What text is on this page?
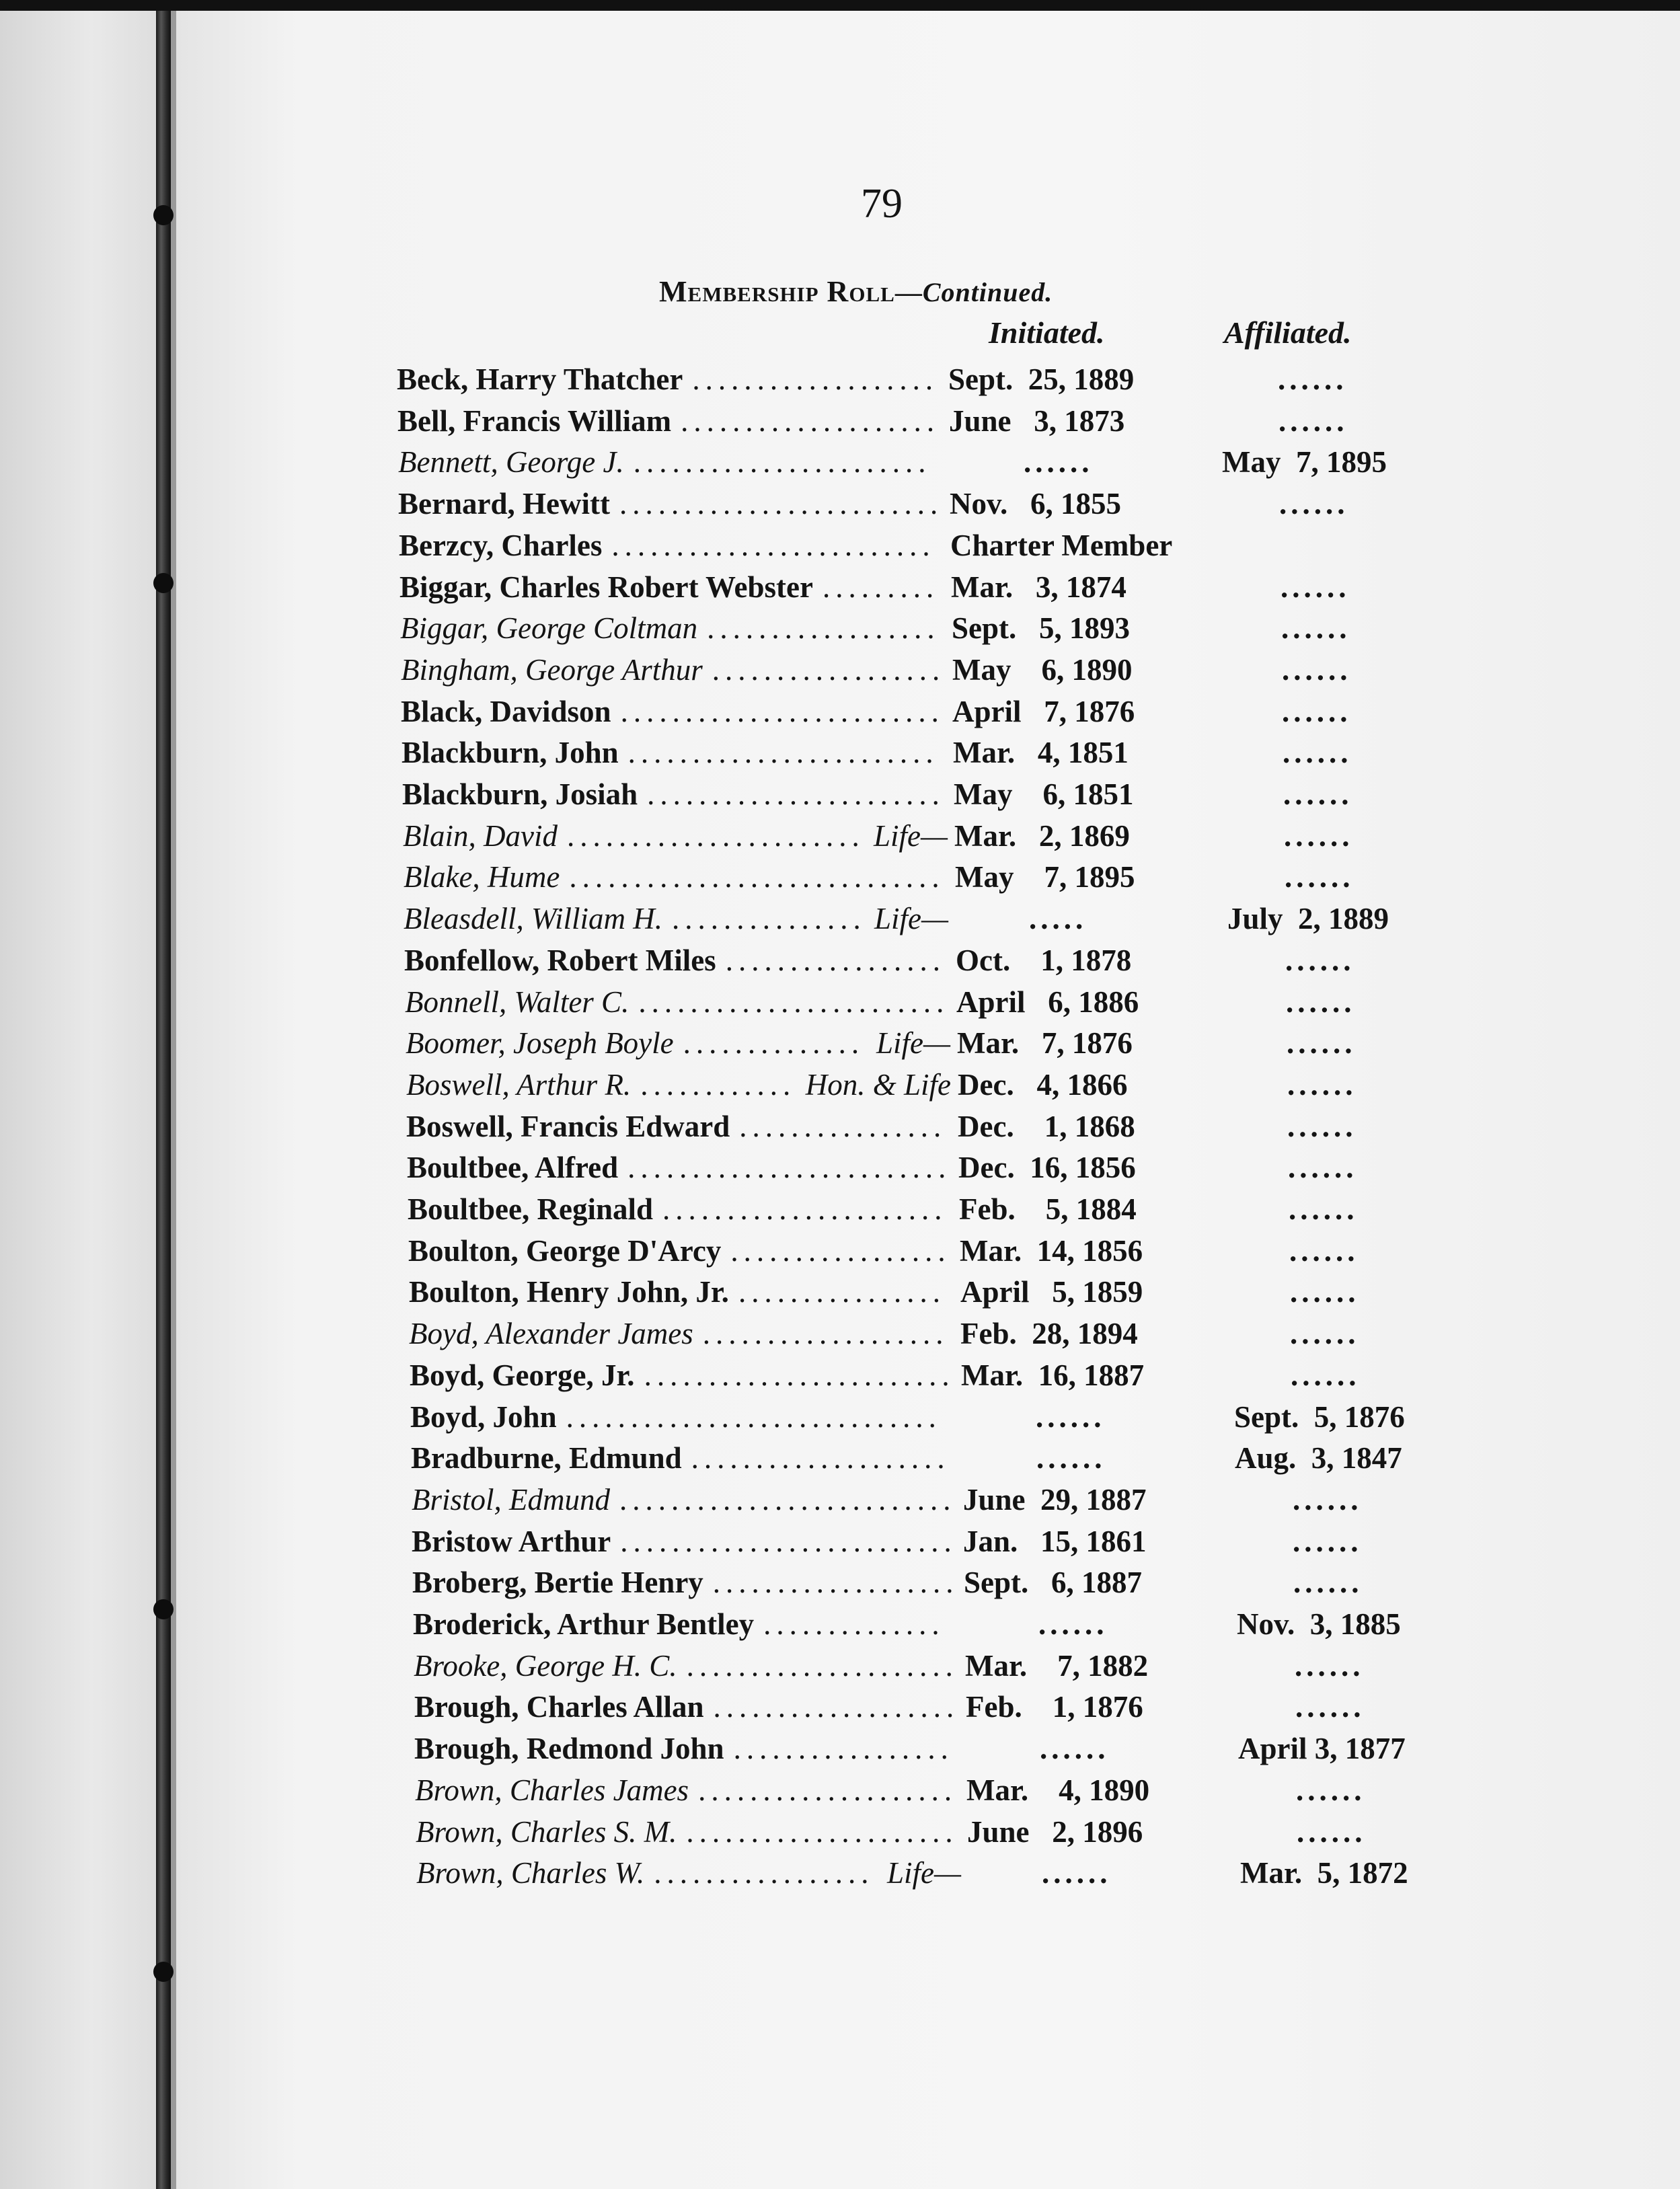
79
Membership Roll—Continued.
Initiated.	Affiliated.
Beck, Harry Thatcher ................... Sept.  25, 1889	......
Bell, Francis William .................... June   3, 1873	......
Bennett, George J. .......................	......	May  7, 1895
Bernard, Hewitt ......................... Nov.   6, 1855	......
Berzcy, Charles ......................... Charter Member
Biggar, Charles Robert Webster ......... Mar.   3, 1874	......
Biggar, George Coltman .................. Sept.   5, 1893	......
Bingham, George Arthur .................. May    6, 1890	......
Black, Davidson ......................... April   7, 1876	......
Blackburn, John ........................ Mar.   4, 1851	......
Blackburn, Josiah ....................... May    6, 1851	......
Blain, David ....................... Life— Mar.   2, 1869	......
Blake, Hume ............................. May    7, 1895	......
Bleasdell, William H. ............... Life—	.....	July  2, 1889
Bonfellow, Robert Miles ................. Oct.    1, 1878	......
Bonnell, Walter C. ........................ April   6, 1886	......
Boomer, Joseph Boyle .............. Life— Mar.   7, 1876	......
Boswell, Arthur R. ............ Hon. & Life Dec.   4, 1866	......
Boswell, Francis Edward ................ Dec.    1, 1868	......
Boultbee, Alfred ......................... Dec.  16, 1856	......
Boultbee, Reginald ...................... Feb.    5, 1884	......
Boulton, George D'Arcy ................. Mar.  14, 1856	......
Boulton, Henry John, Jr. ................ April   5, 1859	......
Boyd, Alexander James ................... Feb.  28, 1894	......
Boyd, George, Jr. ........................ Mar.  16, 1887	......
Boyd, John .............................	......	Sept.  5, 1876
Bradburne, Edmund ....................	......	Aug.  3, 1847
Bristol, Edmund .......................... June  29, 1887	......
Bristow Arthur .......................... Jan.   15, 1861	......
Broberg, Bertie Henry ................... Sept.   6, 1887	......
Broderick, Arthur Bentley ..............	......	Nov.  3, 1885
Brooke, George H. C. ..................... Mar.    7, 1882	......
Brough, Charles Allan ................... Feb.    1, 1876	......
Brough, Redmond John .................	......	April 3, 1877
Brown, Charles James .................... Mar.    4, 1890	......
Brown, Charles S. M. ..................... June   2, 1896	......
Brown, Charles W. ................. Life—	......	Mar.  5, 1872
